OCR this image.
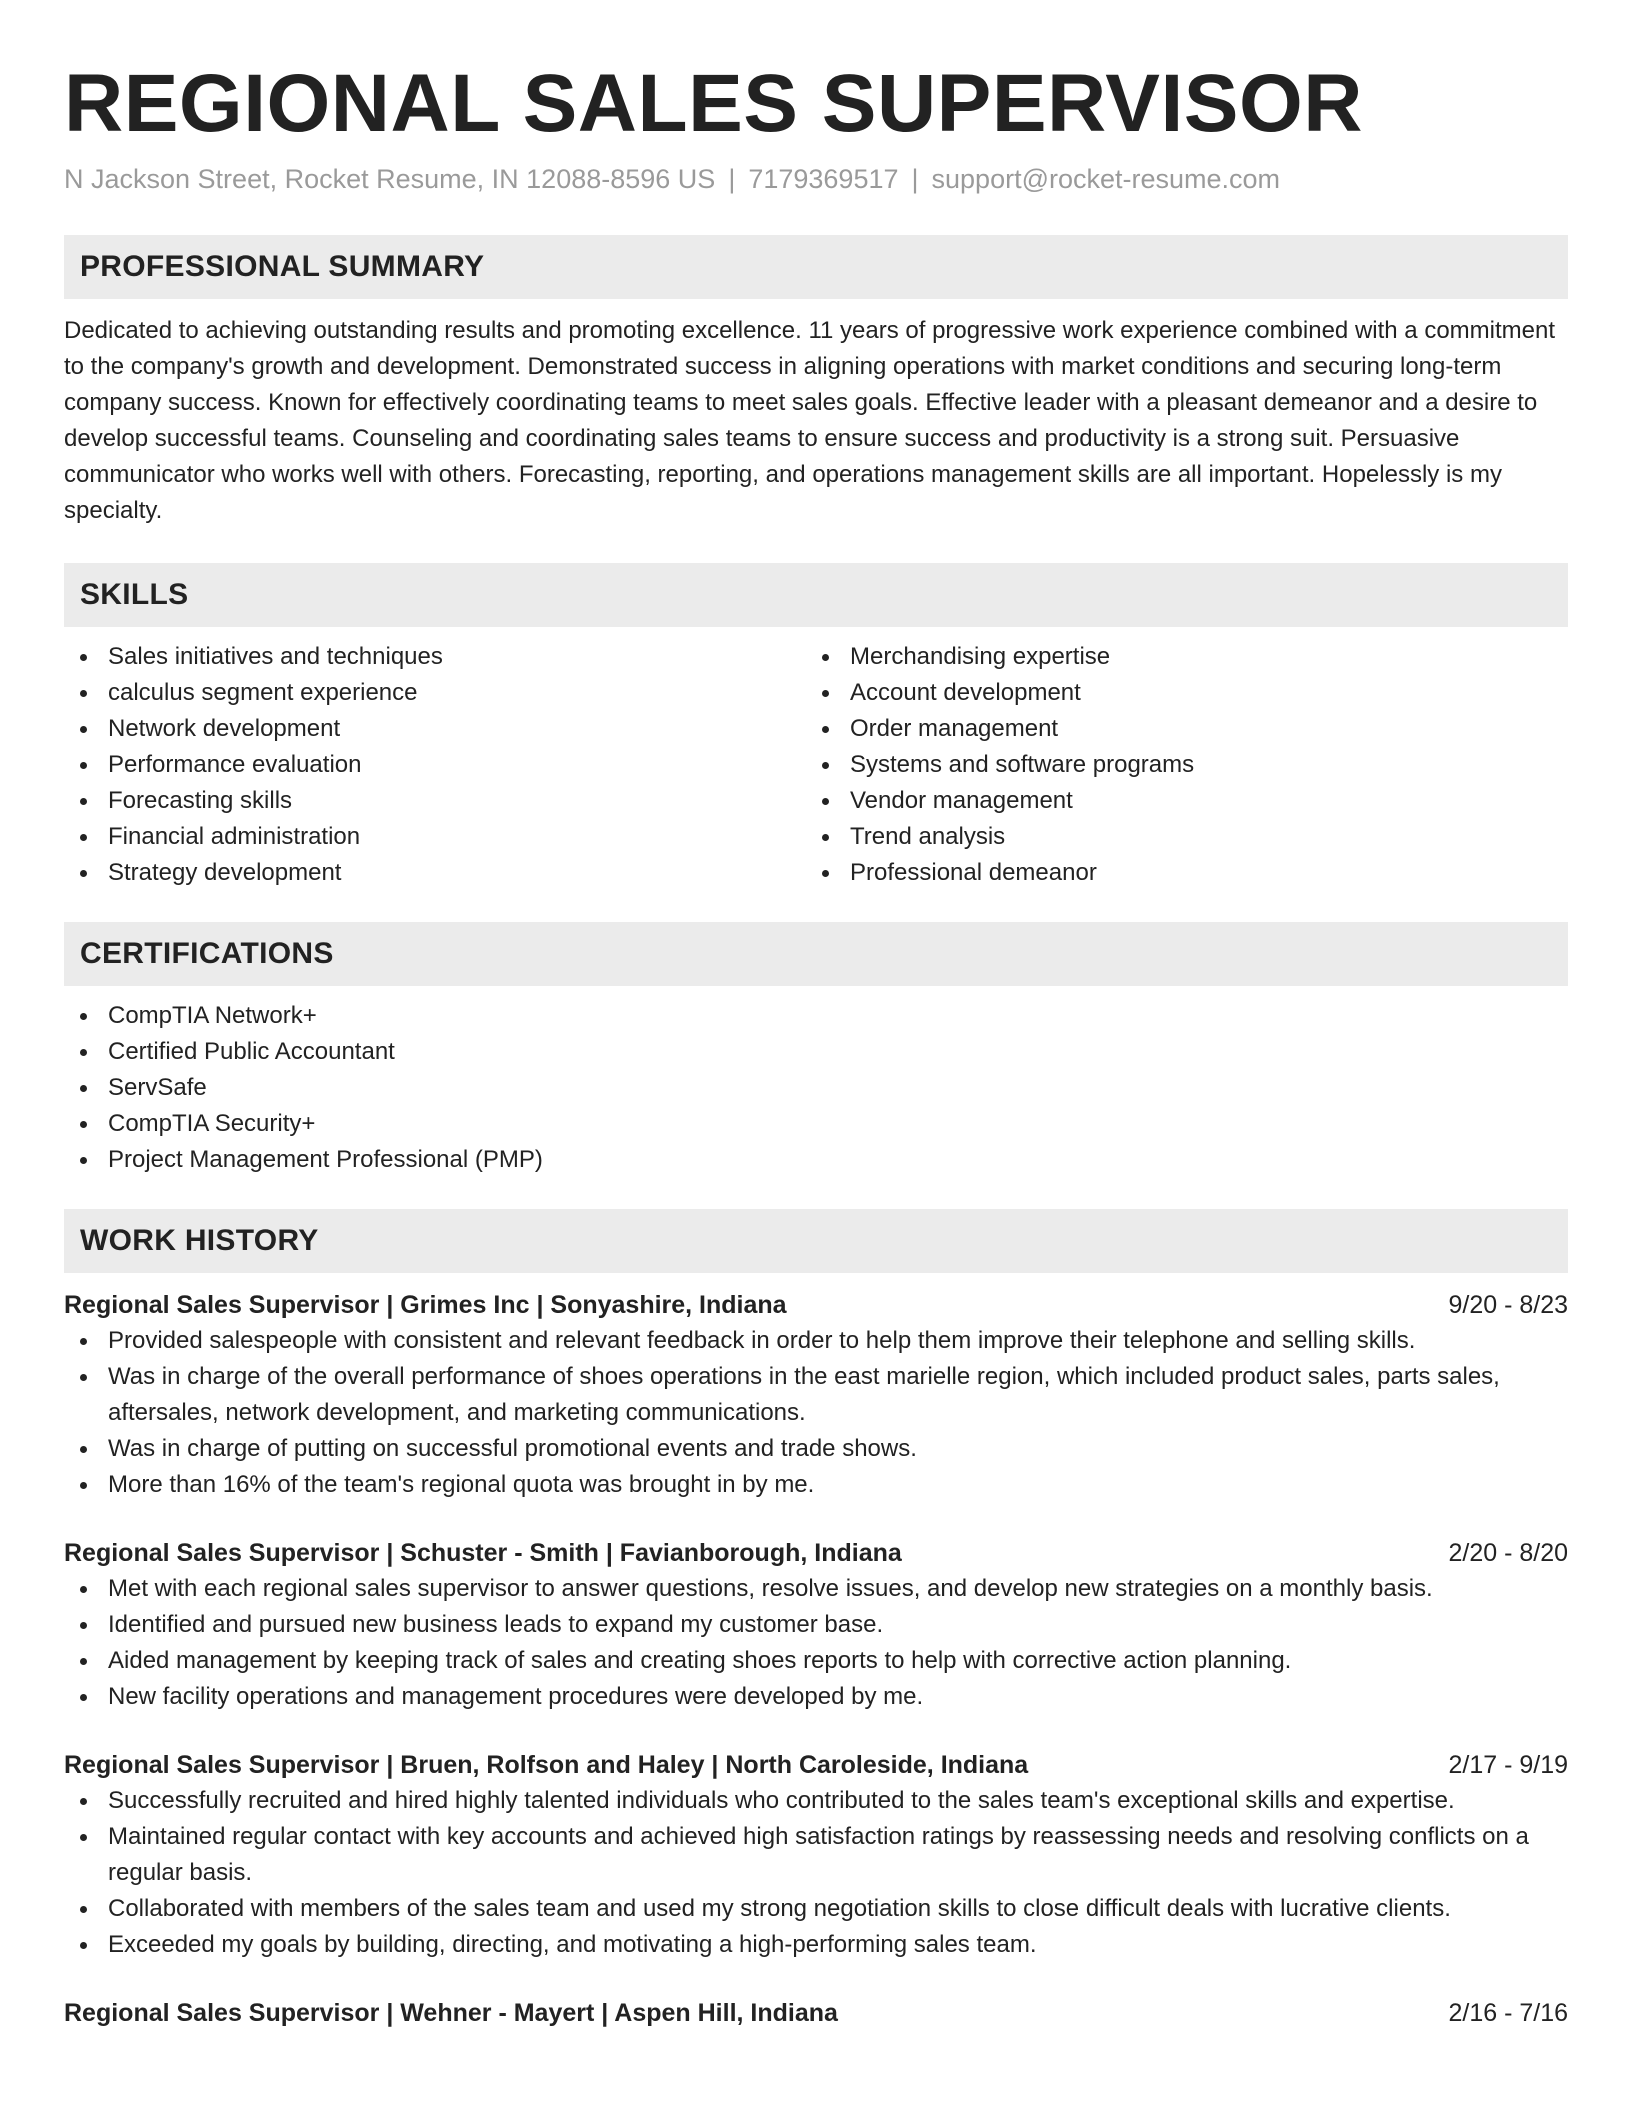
REGIONAL SALES SUPERVISOR
N Jackson Street, Rocket Resume, IN 12088-8596 US | 7179369517 | support@rocket-resume.com
PROFESSIONAL SUMMARY

Dedicated to achieving outstanding results and promoting excellence. 11 years of progressive work experience combined with a commitment to the company's growth and development. Demonstrated success in aligning operations with market conditions and securing long-term company success. Known for effectively coordinating teams to meet sales goals. Effective leader with a pleasant demeanor and a desire to develop successful teams. Counseling and coordinating sales teams to ensure success and productivity is a strong suit. Persuasive communicator who works well with others. Forecasting, reporting, and operations management skills are all important. Hopelessly is my specialty.

SKILLS
Sales initiatives and techniques
calculus segment experience
Network development
Performance evaluation
Forecasting skills
Financial administration
Strategy development
Merchandising expertise
Account development
Order management
Systems and software programs
Vendor management
Trend analysis
Professional demeanor
CERTIFICATIONS
CompTIA Network+
Certified Public Accountant
ServSafe
CompTIA Security+
Project Management Professional (PMP)
WORK HISTORY
Regional Sales Supervisor | Grimes Inc | Sonyashire, Indiana	9/20 - 8/23
Provided salespeople with consistent and relevant feedback in order to help them improve their telephone and selling skills.
Was in charge of the overall performance of shoes operations in the east marielle region, which included product sales, parts sales, aftersales, network development, and marketing communications.
Was in charge of putting on successful promotional events and trade shows.
More than 16% of the team's regional quota was brought in by me.
Regional Sales Supervisor | Schuster - Smith | Favianborough, Indiana	2/20 - 8/20
Met with each regional sales supervisor to answer questions, resolve issues, and develop new strategies on a monthly basis.
Identified and pursued new business leads to expand my customer base.
Aided management by keeping track of sales and creating shoes reports to help with corrective action planning.
New facility operations and management procedures were developed by me.
Regional Sales Supervisor | Bruen, Rolfson and Haley | North Caroleside, Indiana	2/17 - 9/19
Successfully recruited and hired highly talented individuals who contributed to the sales team's exceptional skills and expertise.
Maintained regular contact with key accounts and achieved high satisfaction ratings by reassessing needs and resolving conflicts on a regular basis.
Collaborated with members of the sales team and used my strong negotiation skills to close difficult deals with lucrative clients.
Exceeded my goals by building, directing, and motivating a high-performing sales team.
Regional Sales Supervisor | Wehner - Mayert | Aspen Hill, Indiana	2/16 - 7/16
